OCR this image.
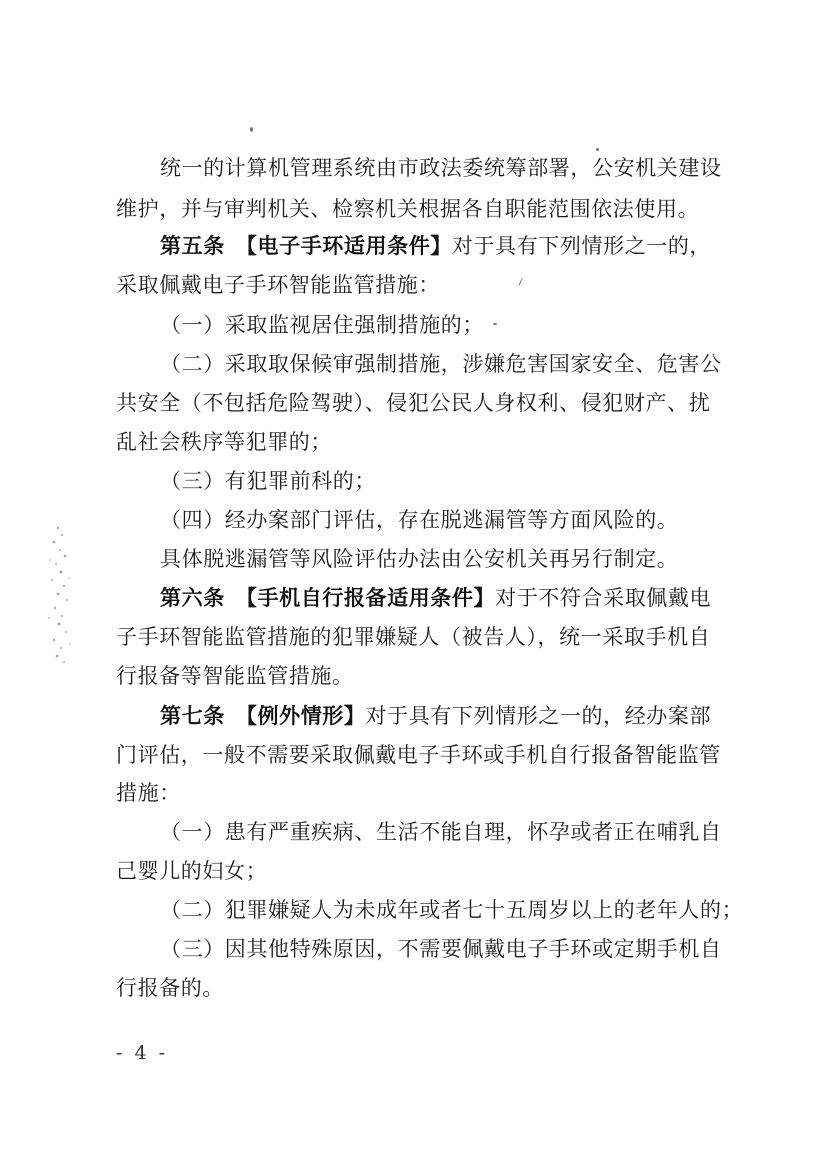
统一的计算机管理系统由市政法委统筹部署，公安机关建设
维护，并与审判机关、检察机关根据各自职能范围依法使用。
第五条　【电子手环适用条件】对于具有下列情形之一的，
采取佩戴电子手环智能监管措施：
（一）采取监视居住强制措施的；
（二）采取取保候审强制措施，涉嫌危害国家安全、危害公
共安全（不包括危险驾驶）、侵犯公民人身权利、侵犯财产、扰
乱社会秩序等犯罪的；
（三）有犯罪前科的；
（四）经办案部门评估，存在脱逃漏管等方面风险的。
具体脱逃漏管等风险评估办法由公安机关再另行制定。
第六条　【手机自行报备适用条件】对于不符合采取佩戴电
子手环智能监管措施的犯罪嫌疑人（被告人），统一采取手机自
行报备等智能监管措施。
第七条　【例外情形】对于具有下列情形之一的，经办案部
门评估，一般不需要采取佩戴电子手环或手机自行报备智能监管
措施：
（一）患有严重疾病、生活不能自理，怀孕或者正在哺乳自
己婴儿的妇女；
（二）犯罪嫌疑人为未成年或者七十五周岁以上的老年人的；
（三）因其他特殊原因，不需要佩戴电子手环或定期手机自
行报备的。
- 4 -
